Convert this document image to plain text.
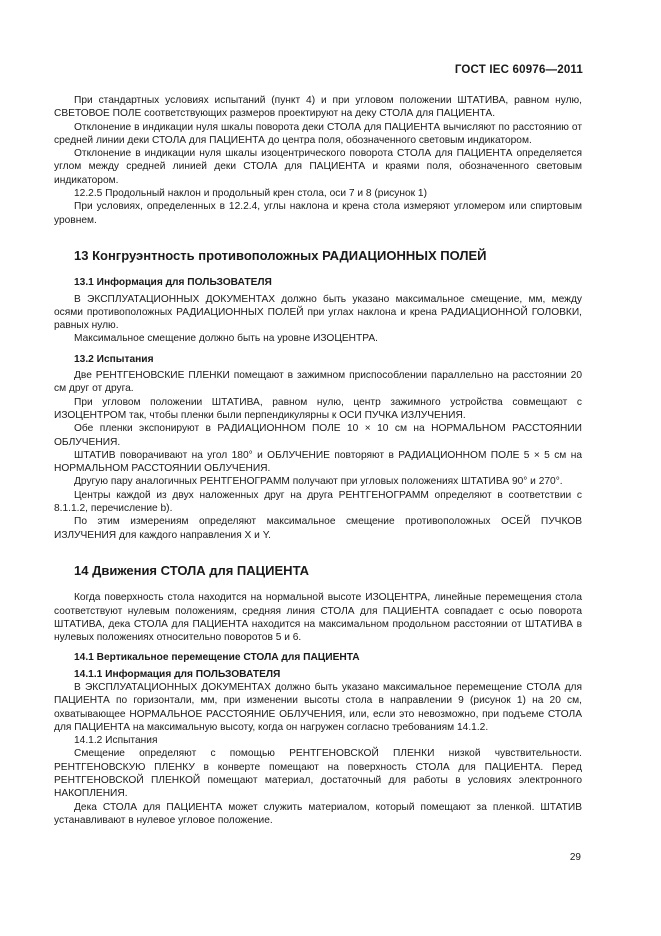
ГОСТ IEC 60976—2011

При стандартных условиях испытаний (пункт 4) и при угловом положении ШТАТИВА, равном нулю, СВЕТОВОЕ ПОЛЕ соответствующих размеров проектируют на деку СТОЛА для ПАЦИЕНТА.

Отклонение в индикации нуля шкалы поворота деки СТОЛА для ПАЦИЕНТА вычисляют по расстоянию от средней линии деки СТОЛА для ПАЦИЕНТА до центра поля, обозначенного световым индикатором.

Отклонение в индикации нуля шкалы изоцентрического поворота СТОЛА для ПАЦИЕНТА определяется углом между средней линией деки СТОЛА для ПАЦИЕНТА и краями поля, обозначенного световым индикатором.

12.2.5 Продольный наклон и продольный крен стола, оси 7 и 8 (рисунок 1)

При условиях, определенных в 12.2.4, углы наклона и крена стола измеряют угломером или спиртовым уровнем.

13 Конгруэнтность противоположных РАДИАЦИОННЫХ ПОЛЕЙ
13.1 Информация для ПОЛЬЗОВАТЕЛЯ

В ЭКСПЛУАТАЦИОННЫХ ДОКУМЕНТАХ должно быть указано максимальное смещение, мм, между осями противоположных РАДИАЦИОННЫХ ПОЛЕЙ при углах наклона и крена РАДИАЦИОННОЙ ГОЛОВКИ, равных нулю.

Максимальное смещение должно быть на уровне ИЗОЦЕНТРА.

13.2 Испытания

Две РЕНТГЕНОВСКИЕ ПЛЕНКИ помещают в зажимном приспособлении параллельно на расстоянии 20 см друг от друга.

При угловом положении ШТАТИВА, равном нулю, центр зажимного устройства совмещают с ИЗОЦЕНТРОМ так, чтобы пленки были перпендикулярны к ОСИ ПУЧКА ИЗЛУЧЕНИЯ.

Обе пленки экспонируют в РАДИАЦИОННОМ ПОЛЕ 10 × 10 см на НОРМАЛЬНОМ РАССТОЯНИИ ОБЛУЧЕНИЯ.

ШТАТИВ поворачивают на угол 180° и ОБЛУЧЕНИЕ повторяют в РАДИАЦИОННОМ ПОЛЕ 5 × 5 см на НОРМАЛЬНОМ РАССТОЯНИИ ОБЛУЧЕНИЯ.

Другую пару аналогичных РЕНТГЕНОГРАММ получают при угловых положениях ШТАТИВА 90° и 270°.

Центры каждой из двух наложенных друг на друга РЕНТГЕНОГРАММ определяют в соответствии с 8.1.1.2, перечисление b).

По этим измерениям определяют максимальное смещение противоположных ОСЕЙ ПУЧКОВ ИЗЛУЧЕНИЯ для каждого направления X и Y.

14 Движения СТОЛА для ПАЦИЕНТА

Когда поверхность стола находится на нормальной высоте ИЗОЦЕНТРА, линейные перемещения стола соответствуют нулевым положениям, средняя линия СТОЛА для ПАЦИЕНТА совпадает с осью поворота ШТАТИВА, дека СТОЛА для ПАЦИЕНТА находится на максимальном продольном расстоянии от ШТАТИВА в нулевых положениях относительно поворотов 5 и 6.

14.1 Вертикальное перемещение СТОЛА для ПАЦИЕНТА
14.1.1 Информация для ПОЛЬЗОВАТЕЛЯ

В ЭКСПЛУАТАЦИОННЫХ ДОКУМЕНТАХ должно быть указано максимальное перемещение СТОЛА для ПАЦИЕНТА по горизонтали, мм, при изменении высоты стола в направлении 9 (рисунок 1) на 20 см, охватывающее НОРМАЛЬНОЕ РАССТОЯНИЕ ОБЛУЧЕНИЯ, или, если это невозможно, при подъеме СТОЛА для ПАЦИЕНТА на максимальную высоту, когда он нагружен согласно требованиям 14.1.2.

14.1.2 Испытания

Смещение определяют с помощью РЕНТГЕНОВСКОЙ ПЛЕНКИ низкой чувствительности. РЕНТГЕНОВСКУЮ ПЛЕНКУ в конверте помещают на поверхность СТОЛА для ПАЦИЕНТА. Перед РЕНТГЕНОВСКОЙ ПЛЕНКОЙ помещают материал, достаточный для работы в условиях электронного НАКОПЛЕНИЯ.

Дека СТОЛА для ПАЦИЕНТА может служить материалом, который помещают за пленкой. ШТАТИВ устанавливают в нулевое угловое положение.

29
